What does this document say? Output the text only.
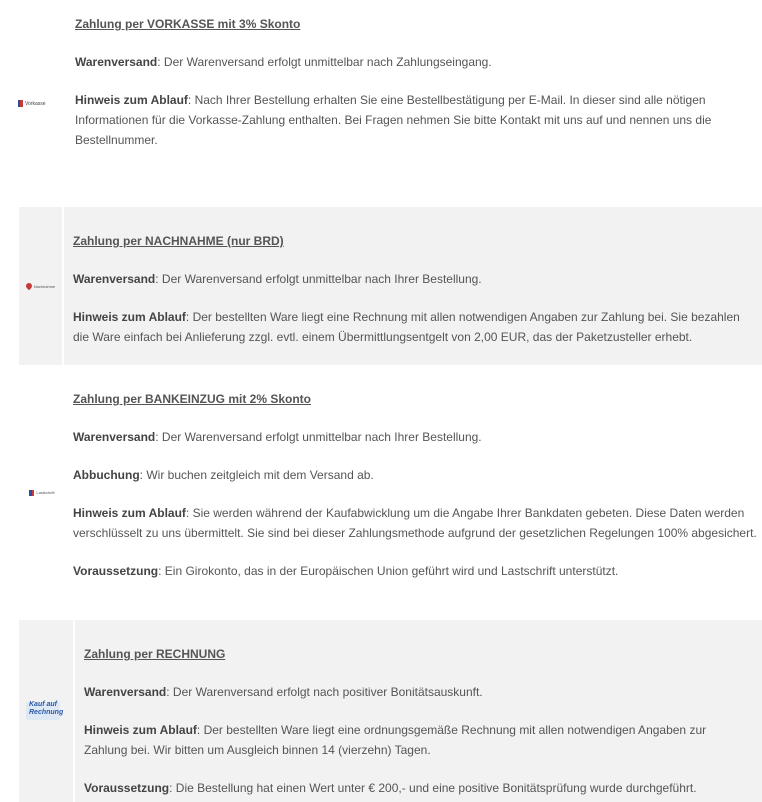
Vorkasse
Zahlung per VORKASSE mit 3% Skonto

Warenversand: Der Warenversand erfolgt unmittelbar nach Zahlungseingang.

Hinweis zum Ablauf: Nach Ihrer Bestellung erhalten Sie eine Bestellbestätigung per E-Mail. In dieser sind alle nötigen Informationen für die Vorkasse-Zahlung enthalten. Bei Fragen nehmen Sie bitte Kontakt mit uns auf und nennen uns die Bestellnummer.

Nachnahme
Zahlung per NACHNAHME (nur BRD)

Warenversand: Der Warenversand erfolgt unmittelbar nach Ihrer Bestellung.

Hinweis zum Ablauf: Der bestellten Ware liegt eine Rechnung mit allen notwendigen Angaben zur Zahlung bei. Sie bezahlen die Ware einfach bei Anlieferung zzgl. evtl. einem Übermittlungsentgelt von 2,00 EUR, das der Paketzusteller erhebt.

Lastschrift
Zahlung per BANKEINZUG mit 2% Skonto

Warenversand: Der Warenversand erfolgt unmittelbar nach Ihrer Bestellung.

Abbuchung: Wir buchen zeitgleich mit dem Versand ab.

Hinweis zum Ablauf: Sie werden während der Kaufabwicklung um die Angabe Ihrer Bankdaten gebeten. Diese Daten werden verschlüsselt zu uns übermittelt. Sie sind bei dieser Zahlungsmethode aufgrund der gesetzlichen Regelungen 100% abgesichert.

Voraussetzung: Ein Girokonto, das in der Europäischen Union geführt wird und Lastschrift unterstützt.

Kauf auf
Rechnung
Zahlung per RECHNUNG

Warenversand: Der Warenversand erfolgt nach positiver Bonitätsauskunft.

Hinweis zum Ablauf: Der bestellten Ware liegt eine ordnungsgemäße Rechnung mit allen notwendigen Angaben zur Zahlung bei. Wir bitten um Ausgleich binnen 14 (vierzehn) Tagen.

Voraussetzung: Die Bestellung hat einen Wert unter € 200,- und eine positive Bonitätsprüfung wurde durchgeführt.
